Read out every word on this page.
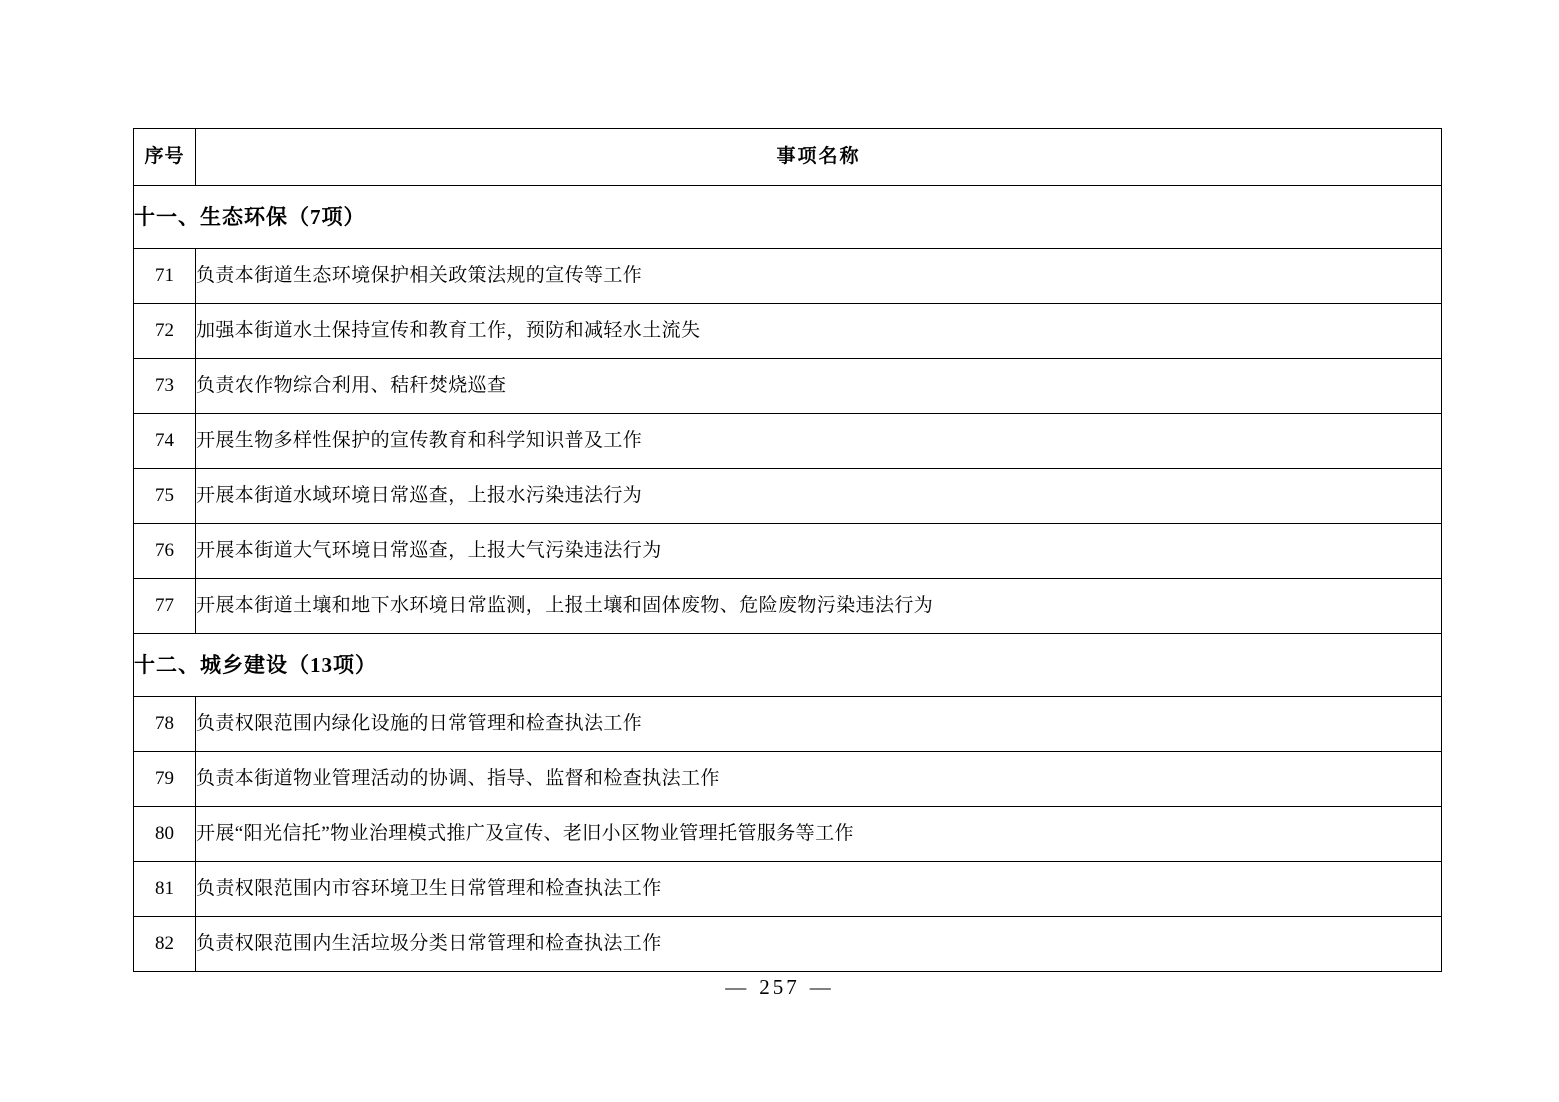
序号	事项名称
十一、生态环保（7项）	
71	负责本街道生态环境保护相关政策法规的宣传等工作
72	加强本街道水土保持宣传和教育工作，预防和减轻水土流失
73	负责农作物综合利用、秸秆焚烧巡查
74	开展生物多样性保护的宣传教育和科学知识普及工作
75	开展本街道水域环境日常巡查，上报水污染违法行为
76	开展本街道大气环境日常巡查，上报大气污染违法行为
77	开展本街道土壤和地下水环境日常监测，上报土壤和固体废物、危险废物污染违法行为
十二、城乡建设（13项）	
78	负责权限范围内绿化设施的日常管理和检查执法工作
79	负责本街道物业管理活动的协调、指导、监督和检查执法工作
80	开展“阳光信托”物业治理模式推广及宣传、老旧小区物业管理托管服务等工作
81	负责权限范围内市容环境卫生日常管理和检查执法工作
82	负责权限范围内生活垃圾分类日常管理和检查执法工作
— 257 —
